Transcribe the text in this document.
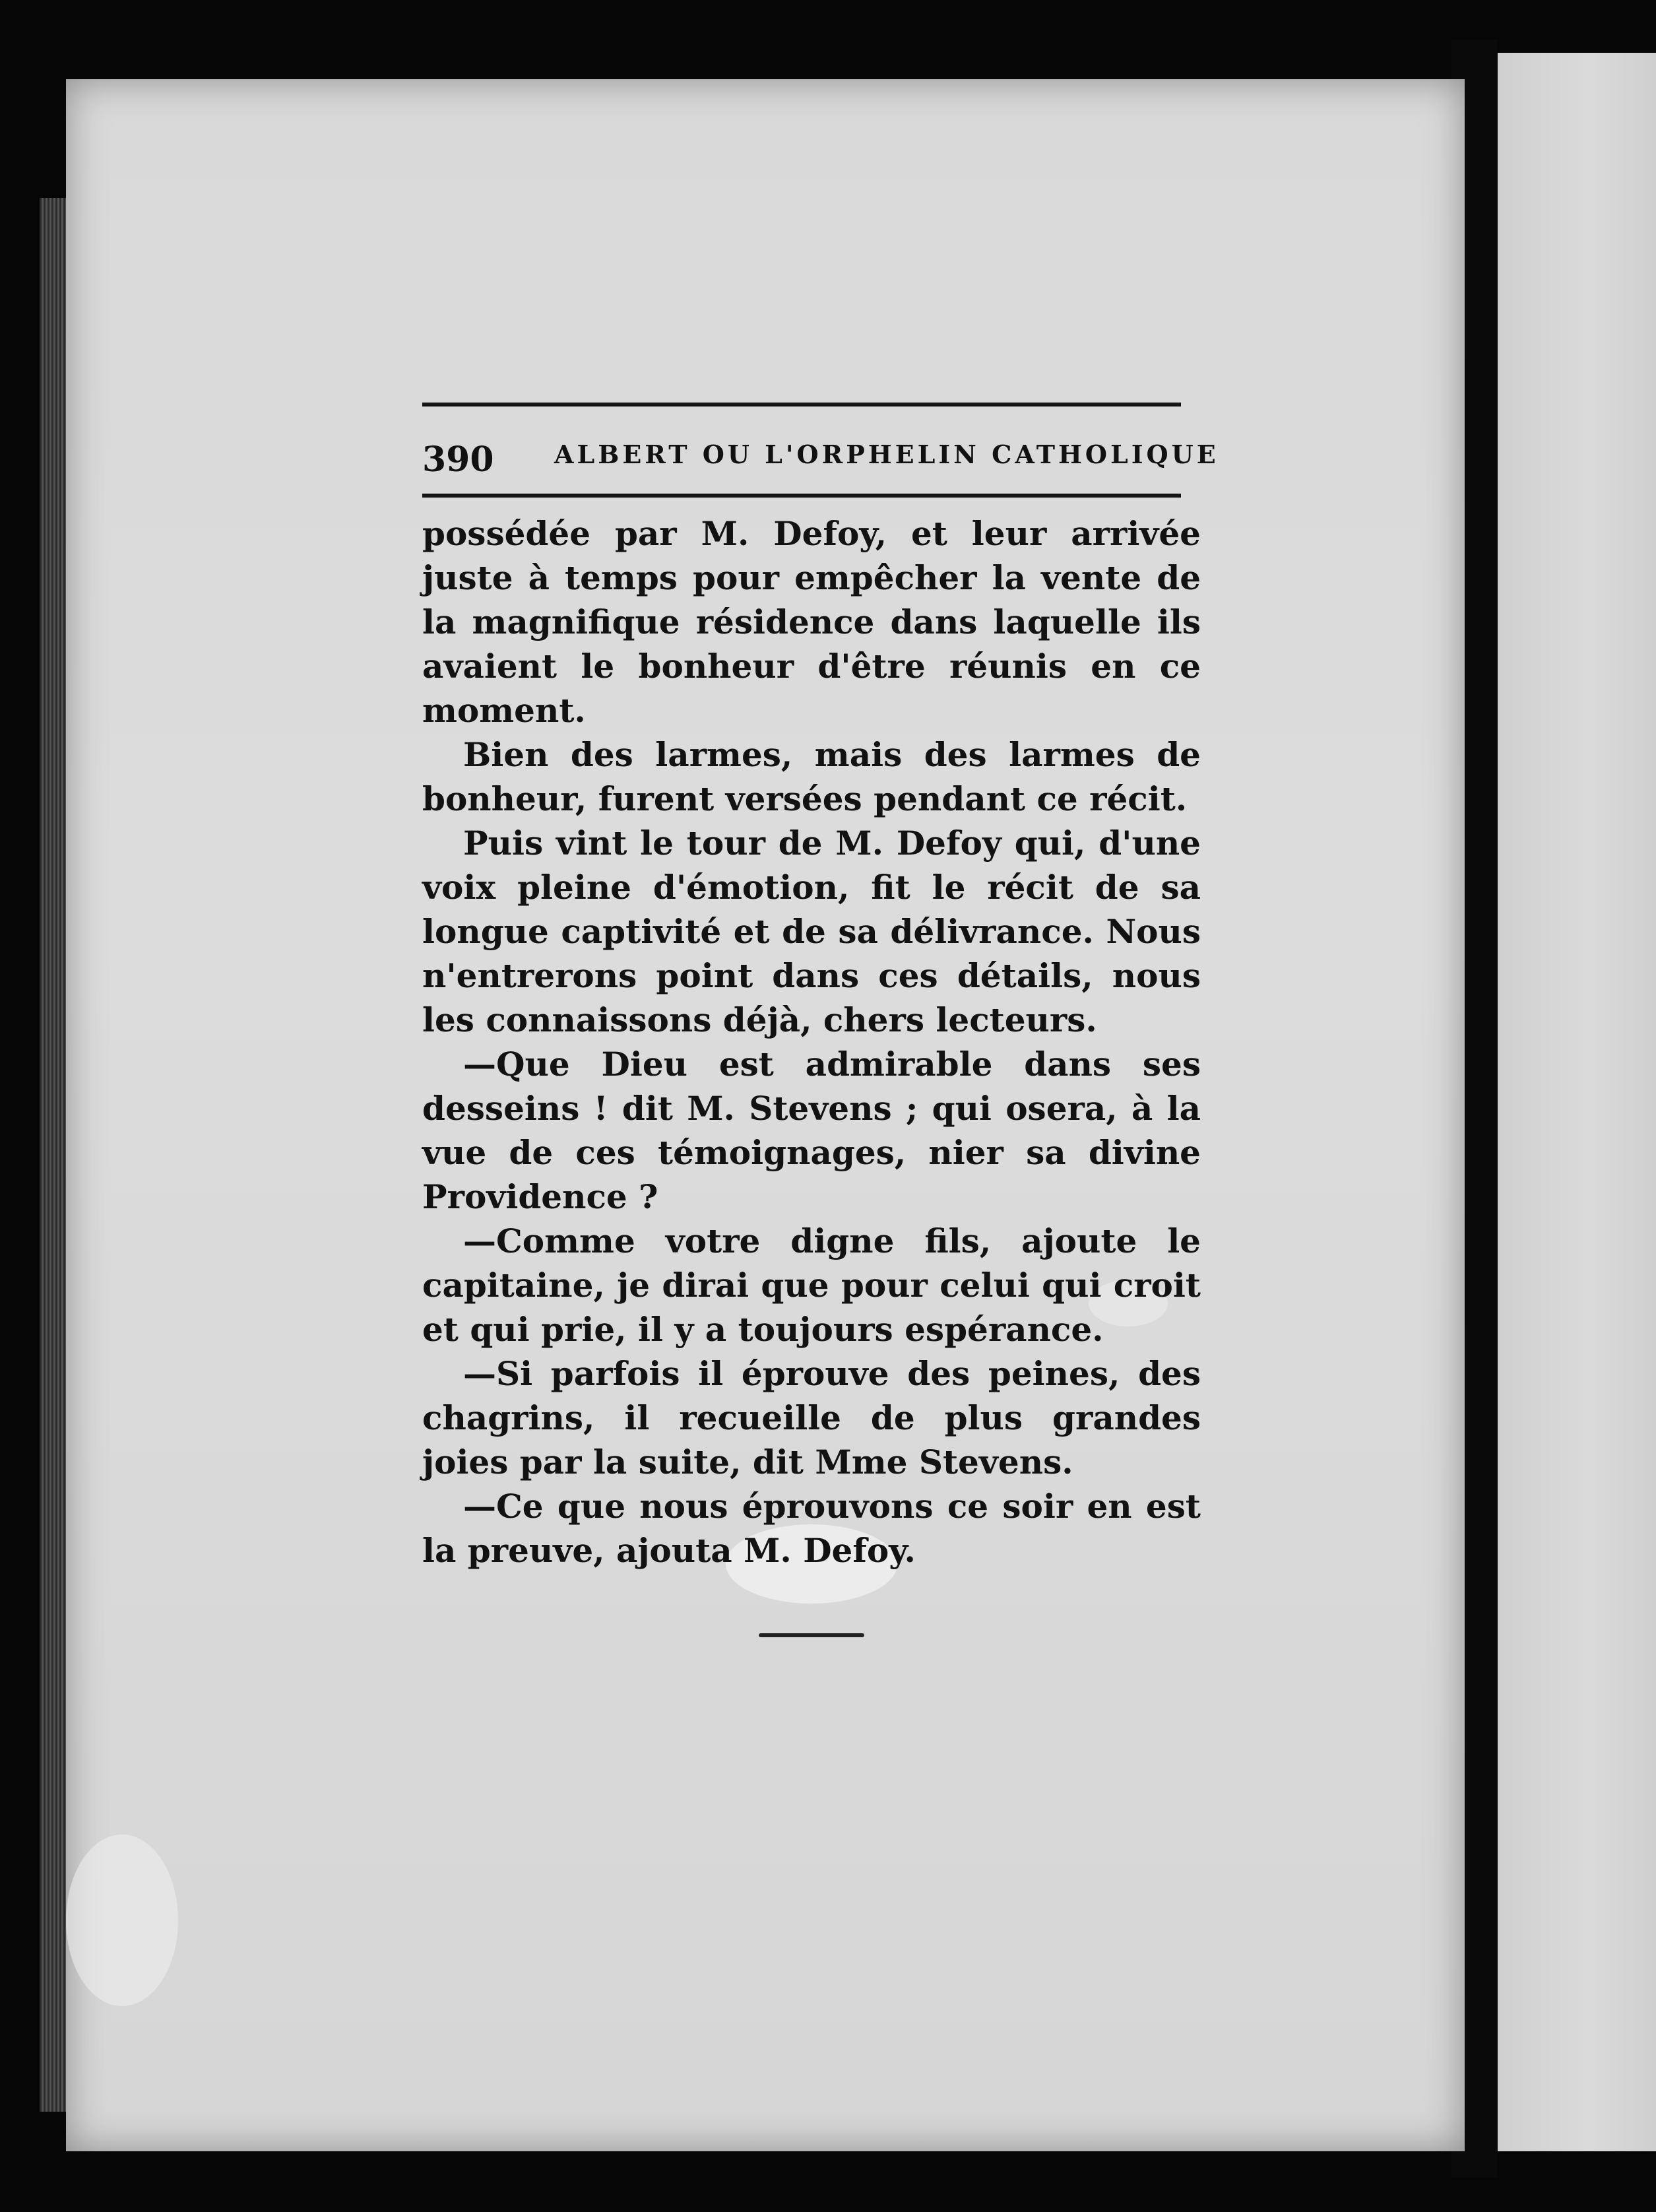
390 ALBERT OU L'ORPHELIN CATHOLIQUE

possédée par M. Defoy, et leur arrivée juste à temps pour empêcher la vente de la magnifique résidence dans laquelle ils avaient le bonheur d'être réunis en ce moment.

Bien des larmes, mais des larmes de bonheur, furent versées pendant ce récit.

Puis vint le tour de M. Defoy qui, d'une voix pleine d'émotion, fit le récit de sa longue captivité et de sa délivrance. Nous n'entrerons point dans ces détails, nous les connaissons déjà, chers lecteurs.

—Que Dieu est admirable dans ses desseins ! dit M. Stevens ; qui osera, à la vue de ces témoignages, nier sa divine Providence ?

—Comme votre digne fils, ajoute le capitaine, je dirai que pour celui qui croit et qui prie, il y a toujours espérance.

—Si parfois il éprouve des peines, des chagrins, il recueille de plus grandes joies par la suite, dit Mme Stevens.

—Ce que nous éprouvons ce soir en est la preuve, ajouta M. Defoy.
